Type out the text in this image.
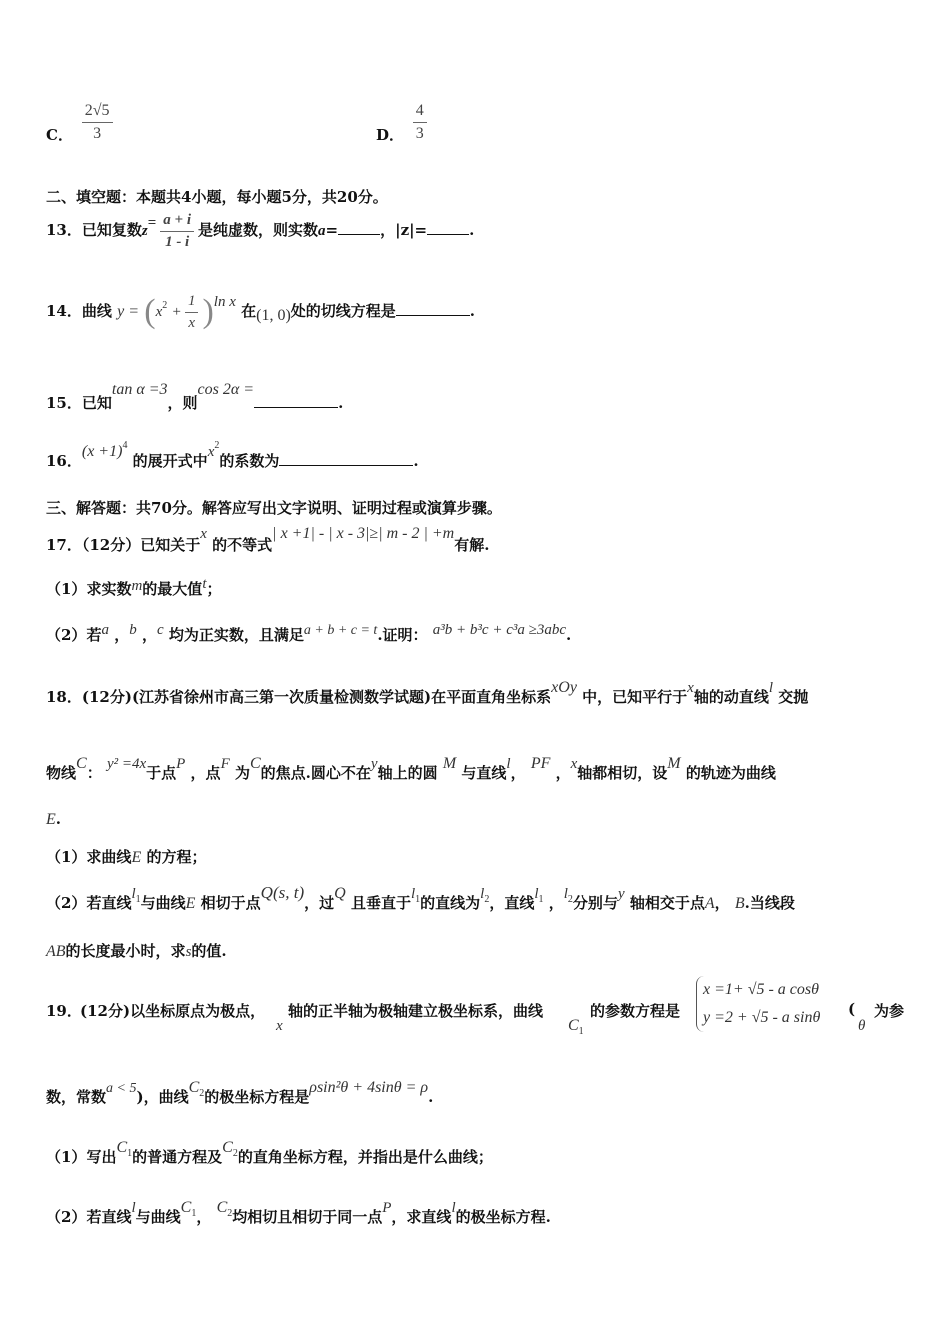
C． $\frac{2√5}{3}$	D． $\frac{4}{3}$
二、填空题：本题共4小题，每小题5分，共20分。
13．已知复数$z= \frac{a + i}{1 - i}$ 是纯虚数，则实数a=	，|z|=	.
14．曲线 $y = (x^2 + \frac{1}{x} )\ln$ x 在(1, 0)处的切线方程是	.
15．已知tan α =3，则cos 2α =.
16．$(x +1)^4$ 的展开式中$x^2$的系数为	.
三、解答题：共70分。解答应写出文字说明、证明过程或演算步骤。
17．（12分）已知关于x 的不等式| x +1| - | x - 3|≥| m - 2 | +m有解.
（1）求实数m的最大值t；
（2）若a ，b ，c 均为正实数，且满足a + b + c = t.证明： a³b + b³c + c³a ≥3abc.
18．(12分)(江苏省徐州市高三第一次质量检测数学试题)在平面直角坐标系xOy 中，已知平行于x轴的动直线l 交抛
物线C： y² =4x于点P ，点F 为C的焦点.圆心不在y轴上的圆 M 与直线l， PF ，x轴都相切，设M 的轨迹为曲线
E.
（1）求曲线E 的方程；
（2）若直线$l_1$与曲线E 相切于点Q(s, t)，过Q 且垂直于$l_1$的直线为$l_2$，直线$l_1$ ，$l_2$分别与y 轴相交于点A， B.当线段
AB的长度最小时，求s的值.
19．
(12分)以坐标原点为极点，
x
轴的正半轴为极轴建立极坐标系，曲线
$C_1$
的参数方程是
x =1+ √5 - a cosθ
y =2 + √5 - a sinθ (
θ
为参
数，常数a < 5)，曲线$C_2$的极坐标方程是ρsin²θ + 4sinθ = ρ.
（1）写出$C_1$的普通方程及$C_2$的直角坐标方程，并指出是什么曲线；
（2）若直线l与曲线$C_1$， $C_2$均相切且相切于同一点P，求直线l的极坐标方程.
